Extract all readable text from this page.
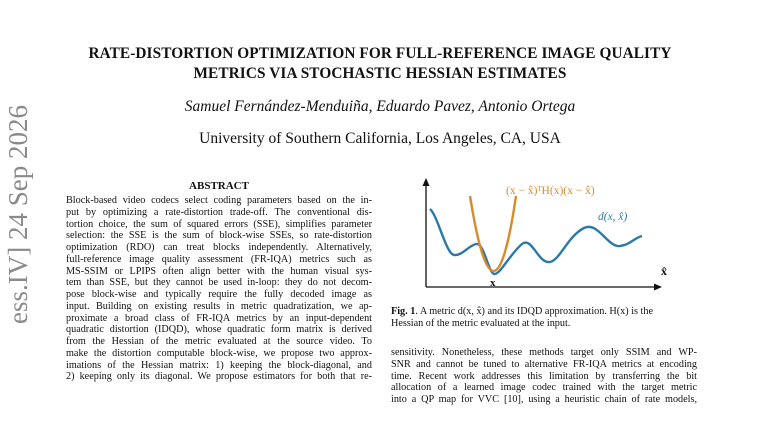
RATE-DISTORTION OPTIMIZATION FOR FULL-REFERENCE IMAGE QUALITY
METRICS VIA STOCHASTIC HESSIAN ESTIMATES
Samuel Fernández-Menduiña, Eduardo Pavez, Antonio Ortega
University of Southern California, Los Angeles, CA, USA
ess.IV] 24 Sep 2026	ABSTRACT
Block-based video codecs select coding parameters based on the in-
put by optimizing a rate-distortion trade-off. The conventional dis-
tortion choice, the sum of squared errors (SSE), simplifies parameter
selection: the SSE is the sum of block-wise SSEs, so rate-distortion
optimization (RDO) can treat blocks independently. Alternatively,
full-reference image quality assessment (FR-IQA) metrics such as
MS-SSIM or LPIPS often align better with the human visual sys-
tem than SSE, but they cannot be used in-loop: they do not decom-
pose block-wise and typically require the fully decoded image as
input. Building on existing results in metric quadratization, we ap-
proximate a broad class of FR-IQA metrics by an input-dependent
quadratic distortion (IDQD), whose quadratic form matrix is derived
from the Hessian of the metric evaluated at the source video. To
make the distortion computable block-wise, we propose two approx-
imations of the Hessian matrix: 1) keeping the block-diagonal, and
2) keeping only its diagonal. We propose estimators for both that re-
(x − x̂)ᵀH(x)(x − x̂)
d(x, x̂)
x
x̂
Fig. 1. A metric d(x, x̂) and its IDQD approximation. H(x) is the
Hessian of the metric evaluated at the input.
sensitivity. Nonetheless, these methods target only SSIM and WP-
SNR and cannot be tuned to alternative FR-IQA metrics at encoding
time. Recent work addresses this limitation by transferring the bit
allocation of a learned image codec trained with the target metric
into a QP map for VVC [10], using a heuristic chain of rate models,
